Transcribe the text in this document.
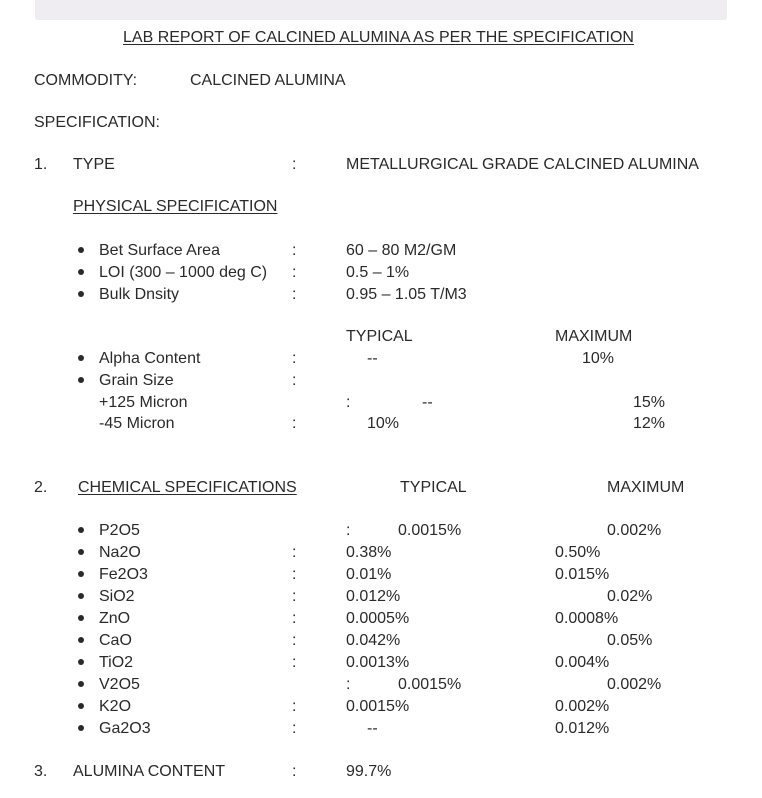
LAB REPORT OF CALCINED ALUMINA AS PER THE SPECIFICATION
COMMODITY:	CALCINED ALUMINA
SPECIFICATION:
1. TYPE	:	METALLURGICAL GRADE CALCINED ALUMINA
PHYSICAL SPECIFICATION
Bet Surface Area	:	60 – 80 M2/GM
LOI (300 – 1000 deg C) :	0.5 – 1%
Bulk Dnsity	:	0.95 – 1.05 T/M3
TYPICAL	MAXIMUM
Alpha Content	:	--	10%
Grain Size	:
+125 Micron	:	--	15%
-45 Micron	:	10%	12%
2. CHEMICAL SPECIFICATIONS	TYPICAL	MAXIMUM
P2O5	:	0.0015%	0.002%
Na2O	:	0.38%	0.50%
Fe2O3	:	0.01%	0.015%
SiO2	:	0.012%	0.02%
ZnO	:	0.0005%	0.0008%
CaO	:	0.042%	0.05%
TiO2	:	0.0013%	0.004%
V2O5	:	0.0015%	0.002%
K2O	:	0.0015%	0.002%
Ga2O3	:	--	0.012%
3. ALUMINA CONTENT	:	99.7%
